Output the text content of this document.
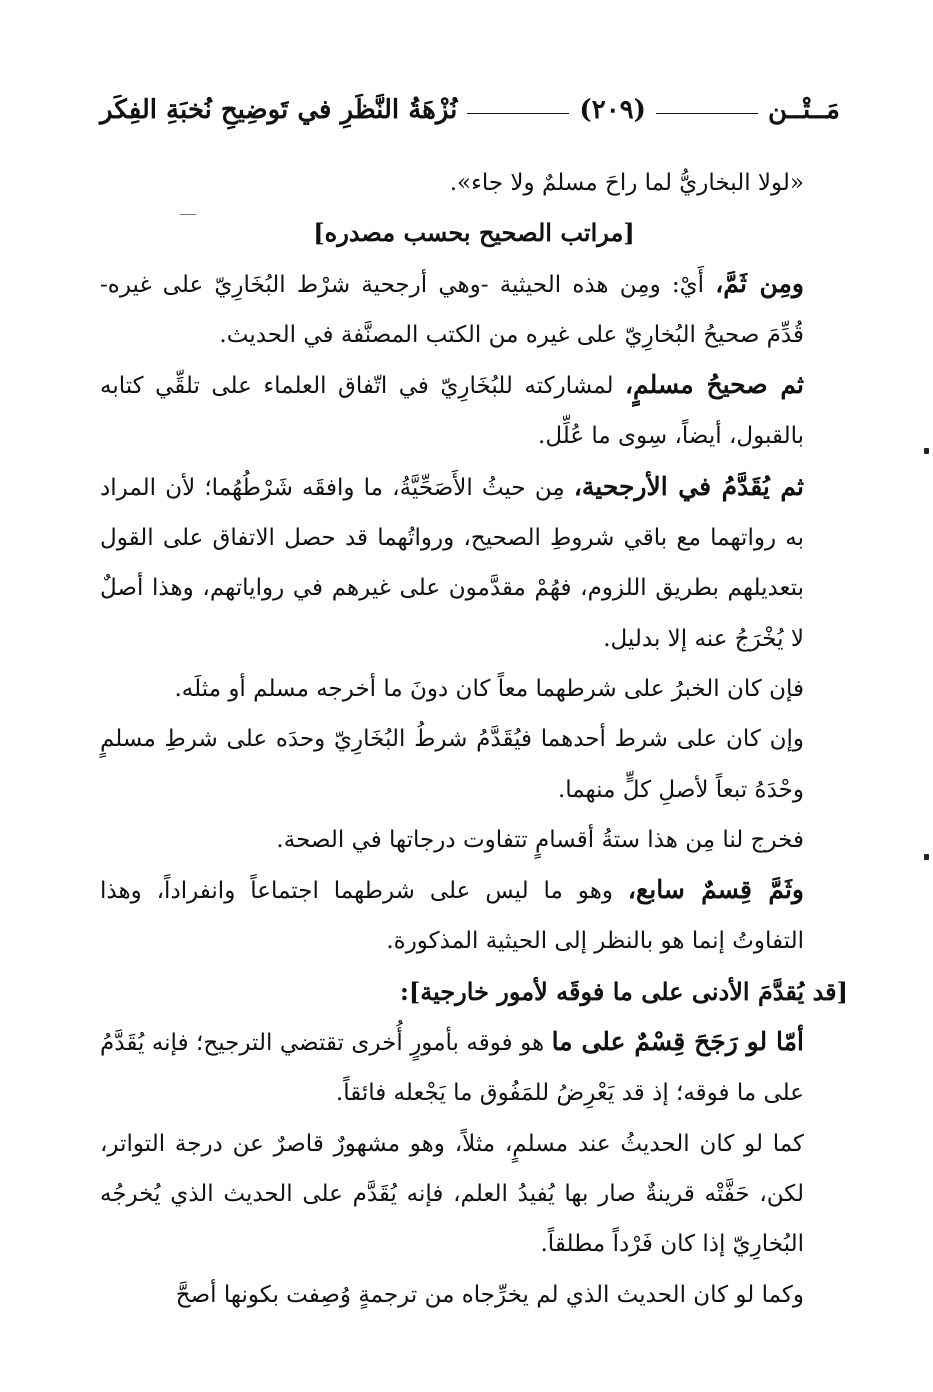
مَــتْــن
(٢٠٩)
نُزْهَةُ النَّظَرِ في تَوضِيحِ نُخبَةِ الفِكَر

«لولا البخاريُّ لما راحَ مسلمٌ ولا جاء».

[مراتب الصحيح بحسب مصدره]

ومِن ثَمَّ، أَيْ: ومِن هذه الحيثية -وهي أرجحية شرْط البُخَارِيّ على غيره- قُدِّمَ صحيحُ البُخارِيّ على غيره من الكتب المصنَّفة في الحديث.

ثم صحيحُ مسلمٍ، لمشاركته للبُخَارِيّ في اتّفاق العلماء على تلقِّي كتابه بالقبول، أيضاً، سِوى ما عُلِّل.

ثم يُقَدَّمُ في الأرجحية، مِن حيثُ الأَصَحِّيَّةُ، ما وافقَه شَرْطُهُما؛ لأن المراد به رواتهما مع باقي شروطِ الصحيح، ورواتُهما قد حصل الاتفاق على القول بتعديلهم بطريق اللزوم، فهُمْ مقدَّمون على غيرهم في رواياتهم، وهذا أصلٌ لا يُخْرَجُ عنه إلا بدليل.

فإن كان الخبرُ على شرطهما معاً كان دونَ ما أخرجه مسلم أو مثلَه.

وإن كان على شرط أحدهما فيُقَدَّمُ شرطُ البُخَارِيّ وحدَه على شرطِ مسلمٍ وحْدَهُ تبعاً لأصلِ كلٍّ منهما.

فخرج لنا مِن هذا ستةُ أقسامٍ تتفاوت درجاتها في الصحة.

وثَمَّ قِسمٌ سابع، وهو ما ليس على شرطهما اجتماعاً وانفراداً، وهذا التفاوتُ إنما هو بالنظر إلى الحيثية المذكورة.

[قد يُقدَّمَ الأدنى على ما فوقَه لأمور خارجية]:

أمّا لو رَجَحَ قِسْمٌ على ما هو فوقه بأمورٍ أُخرى تقتضي الترجيح؛ فإنه يُقَدَّمُ على ما فوقه؛ إذ قد يَعْرِضُ للمَفُوق ما يَجْعله فائقاً.

كما لو كان الحديثُ عند مسلمٍ، مثلاً، وهو مشهورٌ قاصرٌ عن درجة التواتر، لكن، حَفَّتْه قرينةٌ صار بها يُفيدُ العلم، فإنه يُقَدَّم على الحديث الذي يُخرجُه البُخارِيّ إذا كان فَرْداً مطلقاً.

وكما لو كان الحديث الذي لم يخرِّجاه من ترجمةٍ وُصِفت بكونها أصحَّ
